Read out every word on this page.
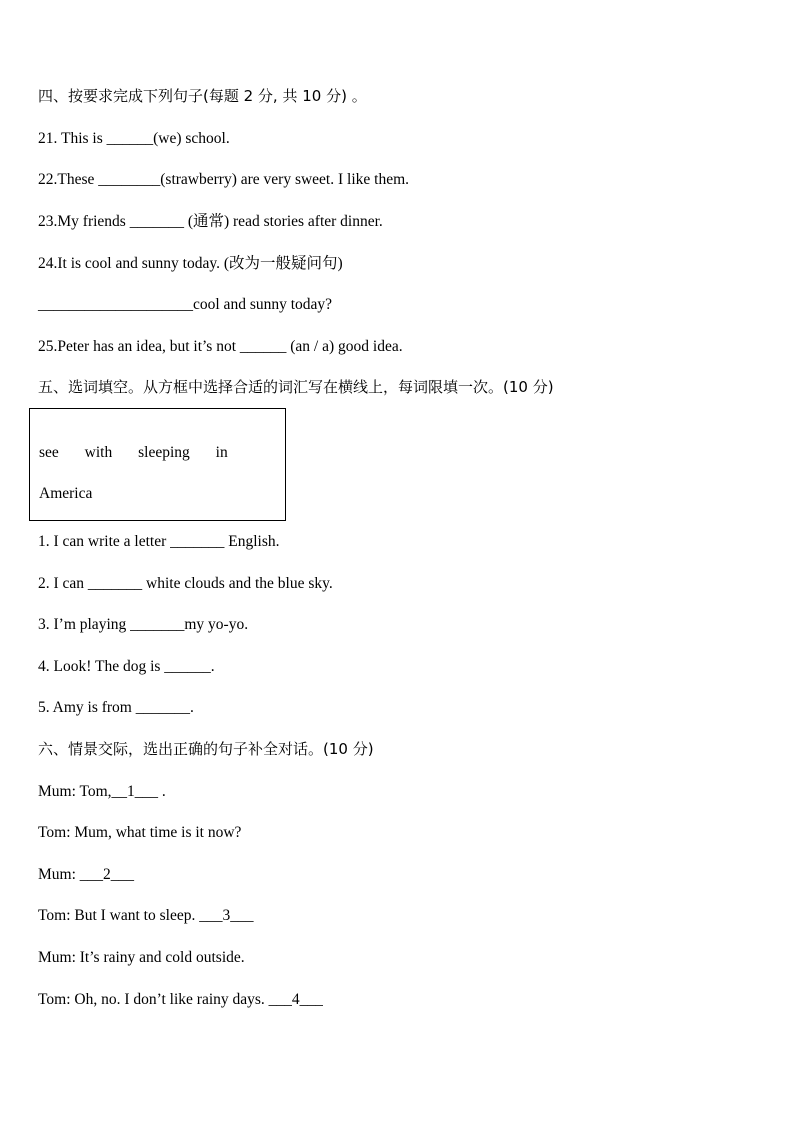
四、按要求完成下列句子(每题 2 分, 共 10 分) 。
21. This is ______(we) school.
22.These ________(strawberry) are very sweet. I like them.
23.My friends _______ (通常) read stories after dinner.
24.It is cool and sunny today. (改为一般疑问句)
____________________cool and sunny today?
25.Peter has an idea, but it’s not ______ (an / a) good idea.
五、选词填空。从方框中选择合适的词汇写在横线上，每词限填一次。(10 分)
see with sleeping in
America
1. I can write a letter _______ English.
2. I can _______ white clouds and the blue sky.
3. I’m playing _______my yo-yo.
4. Look! The dog is ______.
5. Amy is from _______.
六、情景交际，选出正确的句子补全对话。(10 分)
Mum: Tom,__1___ .
Tom: Mum, what time is it now?
Mum: ___2___
Tom: But I want to sleep. ___3___
Mum: It’s rainy and cold outside.
Tom: Oh, no. I don’t like rainy days. ___4___
